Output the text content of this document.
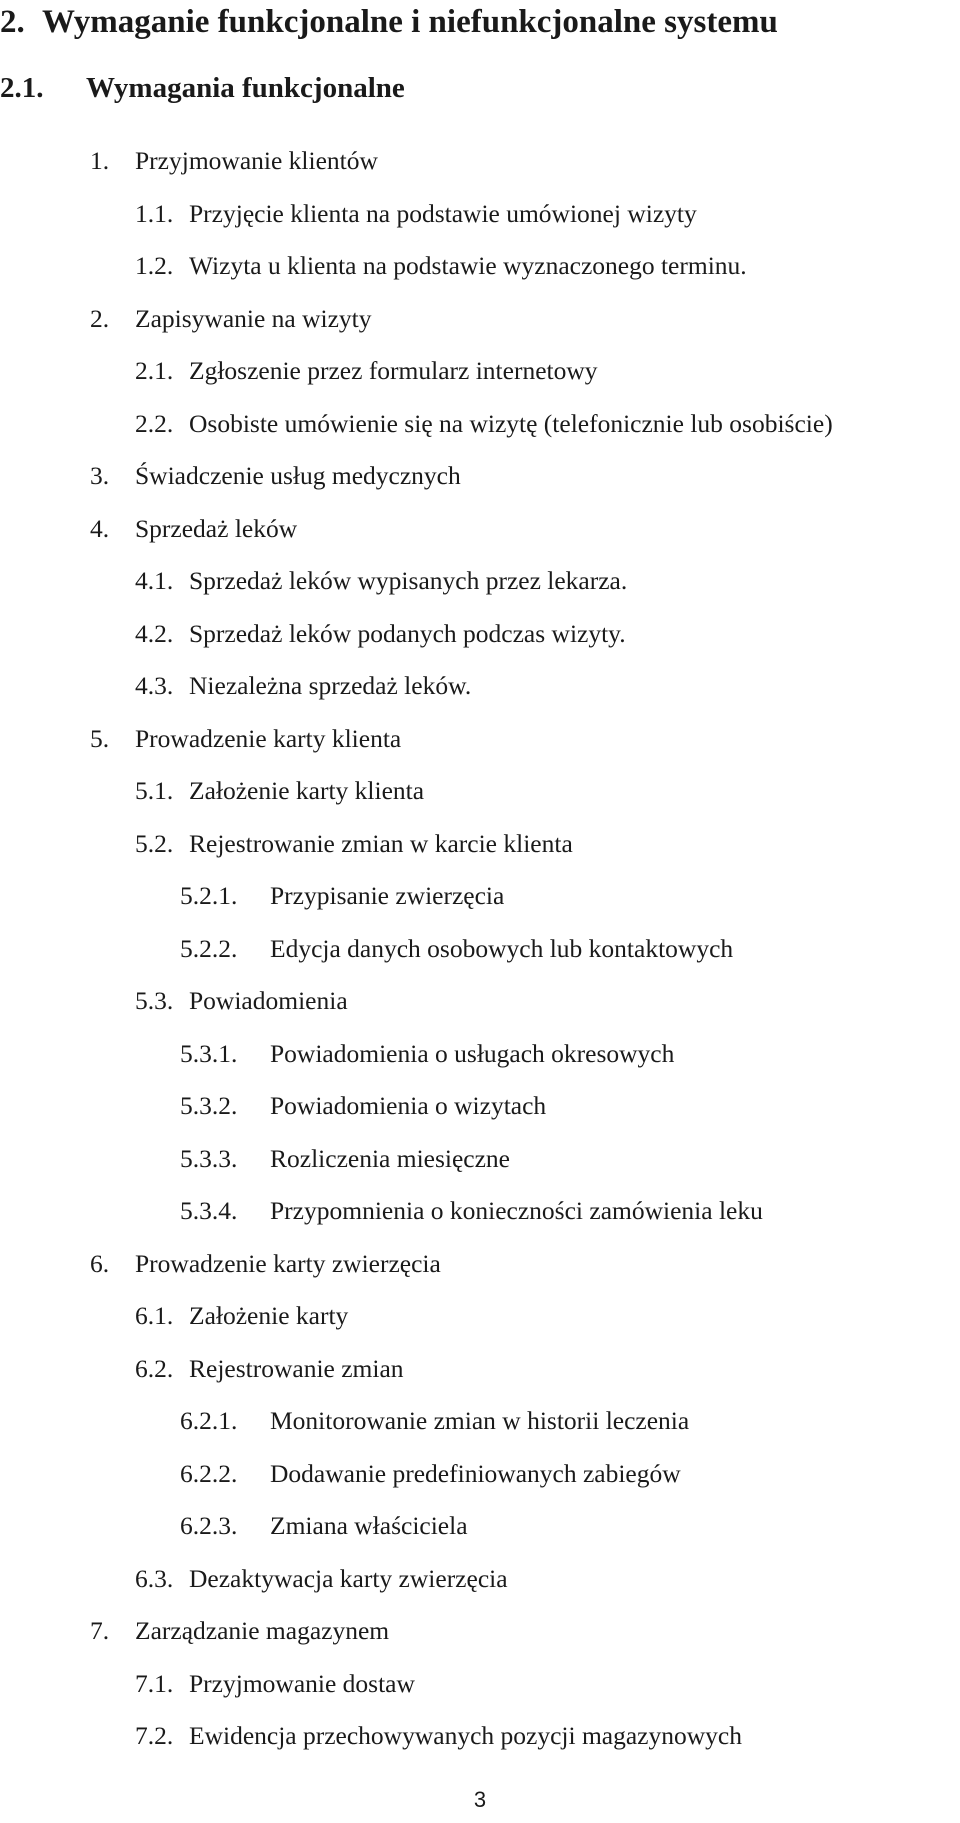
2. Wymaganie funkcjonalne i niefunkcjonalne systemu
2.1. Wymagania funkcjonalne
1. Przyjmowanie klientów
1.1. Przyjęcie klienta na podstawie umówionej wizyty
1.2. Wizyta u klienta na podstawie wyznaczonego terminu.
2. Zapisywanie na wizyty
2.1. Zgłoszenie przez formularz internetowy
2.2. Osobiste umówienie się na wizytę (telefonicznie lub osobiście)
3. Świadczenie usług medycznych
4. Sprzedaż leków
4.1. Sprzedaż leków wypisanych przez lekarza.
4.2. Sprzedaż leków podanych podczas wizyty.
4.3. Niezależna sprzedaż leków.
5. Prowadzenie karty klienta
5.1. Założenie karty klienta
5.2. Rejestrowanie zmian w karcie klienta
5.2.1. Przypisanie zwierzęcia
5.2.2. Edycja danych osobowych lub kontaktowych
5.3. Powiadomienia
5.3.1. Powiadomienia o usługach okresowych
5.3.2. Powiadomienia o wizytach
5.3.3. Rozliczenia miesięczne
5.3.4. Przypomnienia o konieczności zamówienia leku
6. Prowadzenie karty zwierzęcia
6.1. Założenie karty
6.2. Rejestrowanie zmian
6.2.1. Monitorowanie zmian w historii leczenia
6.2.2. Dodawanie predefiniowanych zabiegów
6.2.3. Zmiana właściciela
6.3. Dezaktywacja karty zwierzęcia
7. Zarządzanie magazynem
7.1. Przyjmowanie dostaw
7.2. Ewidencja przechowywanych pozycji magazynowych
3
